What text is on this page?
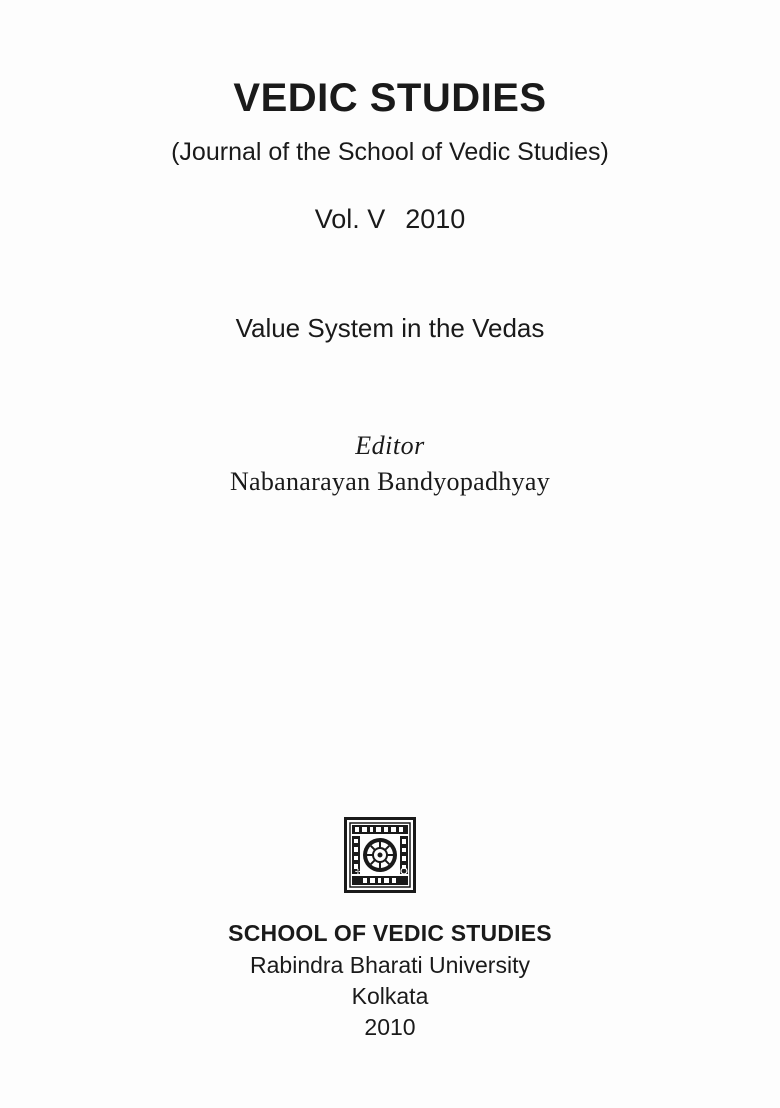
VEDIC STUDIES

(Journal of the School of Vedic Studies)

Vol. V 2010

Value System in the Vedas

Editor

Nabanarayan Bandyopadhyay

✢

SCHOOL OF VEDIC STUDIES

Rabindra Bharati University

Kolkata

2010
